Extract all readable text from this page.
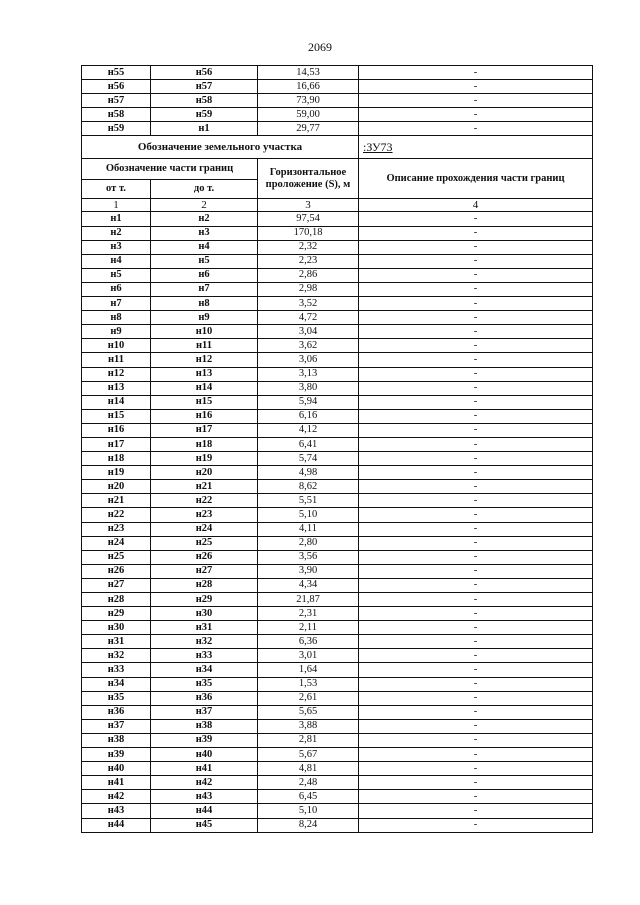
2069
н55	н56	14,53	-
н56	н57	16,66	-
н57	н58	73,90	-
н58	н59	59,00	-
н59	н1	29,77	-
Обозначение земельного участка			:ЗУ73
Обозначение части границ		Горизонтальное проложение (S), м	Описание прохождения части границ
от т.	до т.		
1	2	3	4
н1	н2	97,54	-
н2	н3	170,18	-
н3	н4	2,32	-
н4	н5	2,23	-
н5	н6	2,86	-
н6	н7	2,98	-
н7	н8	3,52	-
н8	н9	4,72	-
н9	н10	3,04	-
н10	н11	3,62	-
н11	н12	3,06	-
н12	н13	3,13	-
н13	н14	3,80	-
н14	н15	5,94	-
н15	н16	6,16	-
н16	н17	4,12	-
н17	н18	6,41	-
н18	н19	5,74	-
н19	н20	4,98	-
н20	н21	8,62	-
н21	н22	5,51	-
н22	н23	5,10	-
н23	н24	4,11	-
н24	н25	2,80	-
н25	н26	3,56	-
н26	н27	3,90	-
н27	н28	4,34	-
н28	н29	21,87	-
н29	н30	2,31	-
н30	н31	2,11	-
н31	н32	6,36	-
н32	н33	3,01	-
н33	н34	1,64	-
н34	н35	1,53	-
н35	н36	2,61	-
н36	н37	5,65	-
н37	н38	3,88	-
н38	н39	2,81	-
н39	н40	5,67	-
н40	н41	4,81	-
н41	н42	2,48	-
н42	н43	6,45	-
н43	н44	5,10	-
н44	н45	8,24	-
